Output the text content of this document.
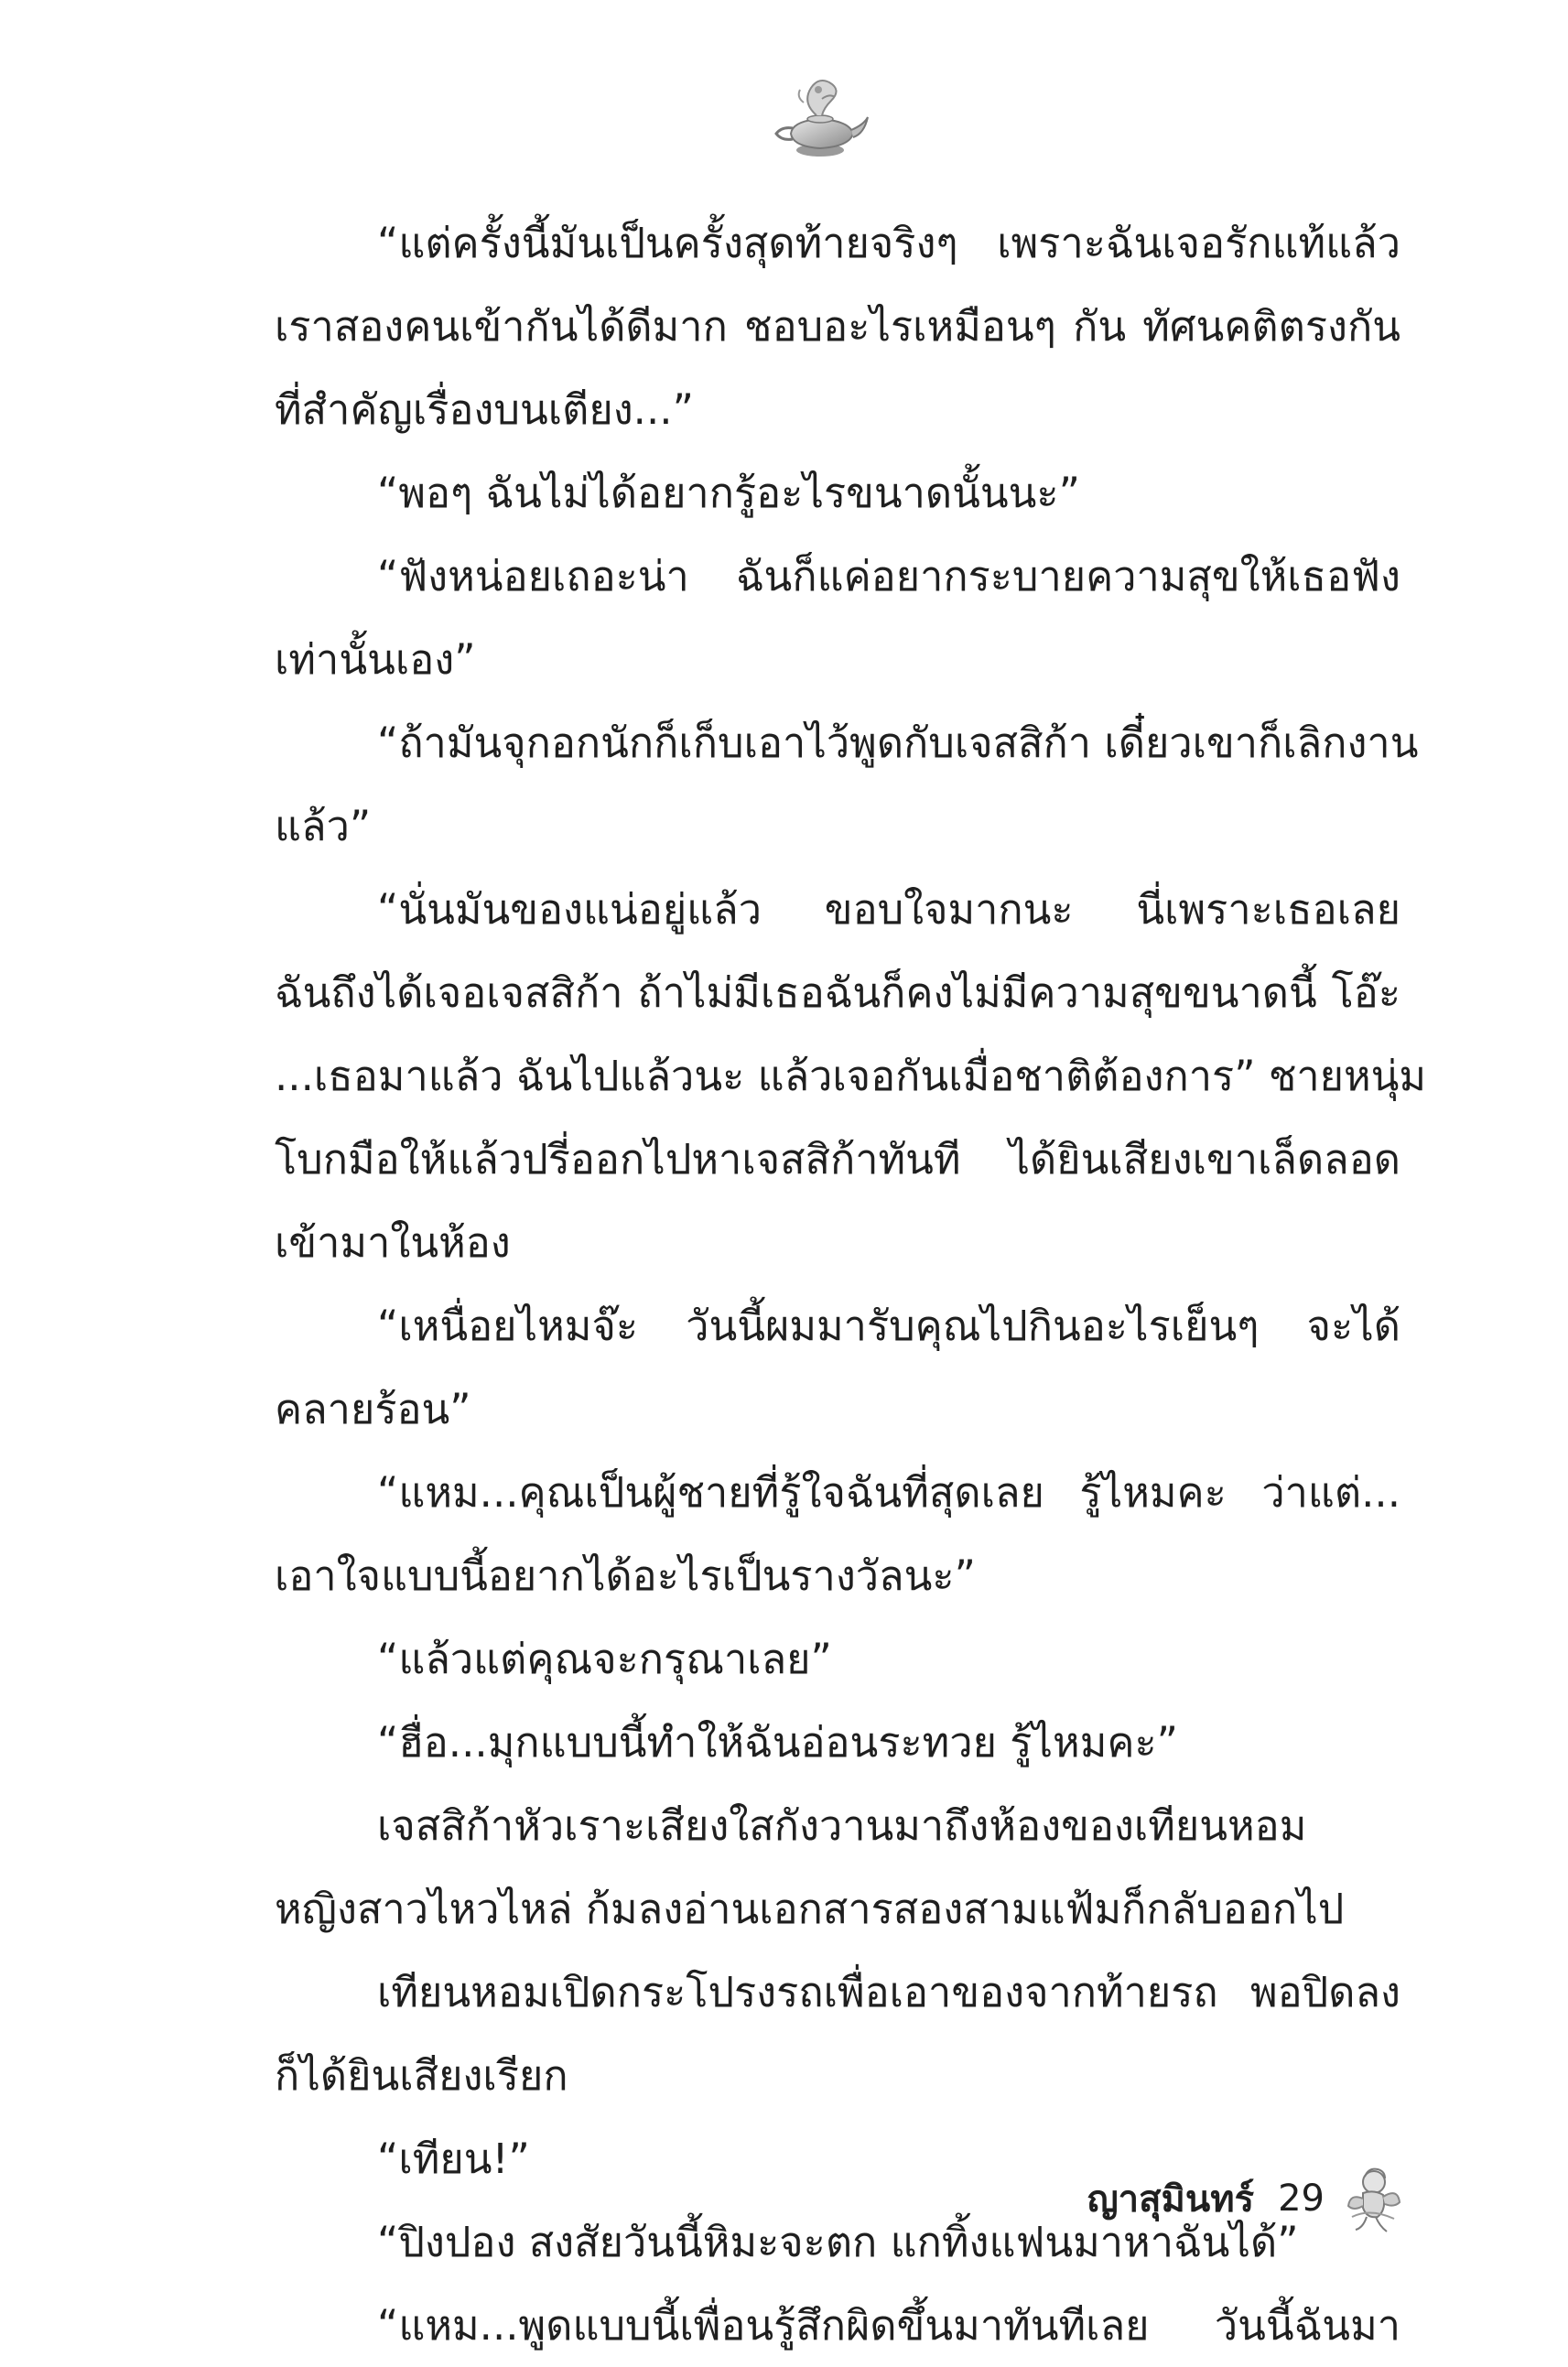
“แต่ครั้งนี้มันเป็นครั้งสุดท้ายจริงๆ เพราะฉันเจอรักแท้แล้ว
เราสองคนเข้ากันได้ดีมาก ชอบอะไรเหมือนๆ กัน ทัศนคติตรงกัน
ที่สำคัญเรื่องบนเตียง...”
“พอๆ ฉันไม่ได้อยากรู้อะไรขนาดนั้นนะ”
“ฟังหน่อยเถอะน่า ฉันก็แค่อยากระบายความสุขให้เธอฟัง
เท่านั้นเอง”
“ถ้ามันจุกอกนักก็เก็บเอาไว้พูดกับเจสสิก้า เดี๋ยวเขาก็เลิกงาน
แล้ว”
“นั่นมันของแน่อยู่แล้ว ขอบใจมากนะ นี่เพราะเธอเลย
ฉันถึงได้เจอเจสสิก้า ถ้าไม่มีเธอฉันก็คงไม่มีความสุขขนาดนี้ โอ๊ะ
...เธอมาแล้ว ฉันไปแล้วนะ แล้วเจอกันเมื่อชาติต้องการ” ชายหนุ่ม
โบกมือให้แล้วปรี่ออกไปหาเจสสิก้าทันที ได้ยินเสียงเขาเล็ดลอด
เข้ามาในห้อง
“เหนื่อยไหมจ๊ะ วันนี้ผมมารับคุณไปกินอะไรเย็นๆ จะได้
คลายร้อน”
“แหม...คุณเป็นผู้ชายที่รู้ใจฉันที่สุดเลย รู้ไหมคะ ว่าแต่...
เอาใจแบบนี้อยากได้อะไรเป็นรางวัลนะ”
“แล้วแต่คุณจะกรุณาเลย”
“ฮื่อ...มุกแบบนี้ทำให้ฉันอ่อนระทวย รู้ไหมคะ”
เจสสิก้าหัวเราะเสียงใสกังวานมาถึงห้องของเทียนหอม
หญิงสาวไหวไหล่ ก้มลงอ่านเอกสารสองสามแฟ้มก็กลับออกไป
เทียนหอมเปิดกระโปรงรถเพื่อเอาของจากท้ายรถ พอปิดลง
ก็ได้ยินเสียงเรียก
“เทียน!”
“ปิงปอง สงสัยวันนี้หิมะจะตก แกทิ้งแฟนมาหาฉันได้”
“แหม...พูดแบบนี้เพื่อนรู้สึกผิดขึ้นมาทันทีเลย วันนี้ฉันมา
ญาสุมินทร์ 29
